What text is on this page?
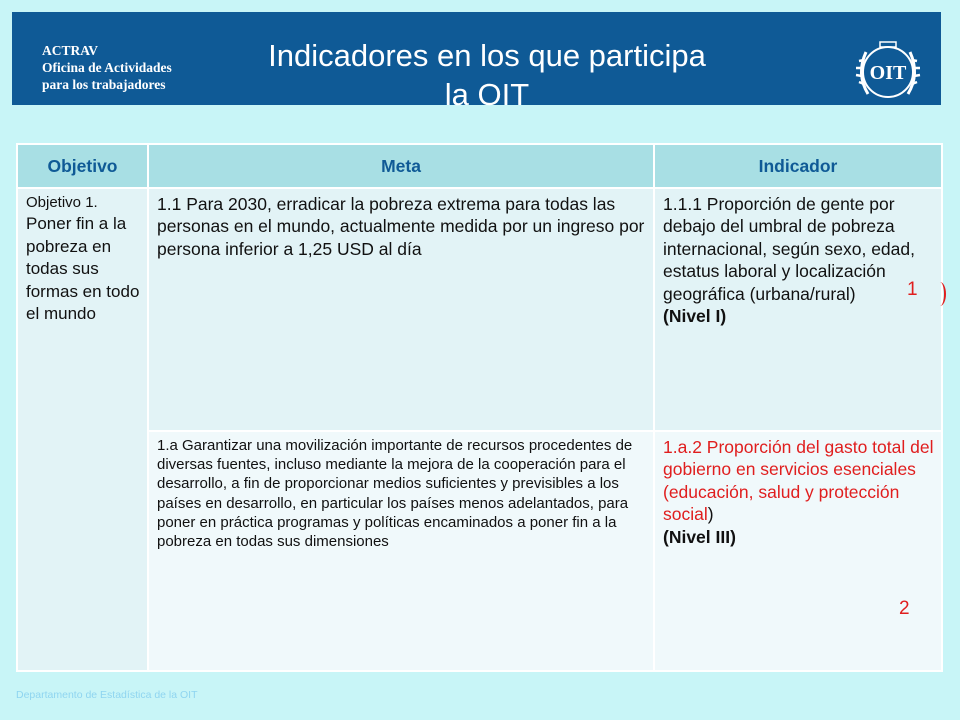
ACTRAV
Oficina de Actividades
para los trabajadores
Indicadores en los que participa
la OIT
OIT
Objetivo	Meta	Indicador
Objetivo 1. Poner fin a la pobreza en todas sus formas en todo el mundo	1.1 Para 2030, erradicar la pobreza extrema para todas las personas en el mundo, actualmente medida por un ingreso por persona inferior a 1,25 USD al día	1.1.1 Proporción de gente por debajo del umbral de pobreza internacional, según sexo, edad, estatus laboral y localización geográfica (urbana/rural)
(Nivel I)
	1.a Garantizar una movilización importante de recursos procedentes de diversas fuentes, incluso mediante la mejora de la cooperación para el desarrollo, a fin de proporcionar medios suficientes y previsibles a los países en desarrollo, en particular los países menos adelantados, para poner en práctica programas y políticas encaminados a poner fin a la pobreza en todas sus dimensiones	1.a.2 Proporción del gasto total del gobierno en servicios esenciales (educación, salud y protección social)
(Nivel III)
1
2
Departamento de Estadística de la OIT
